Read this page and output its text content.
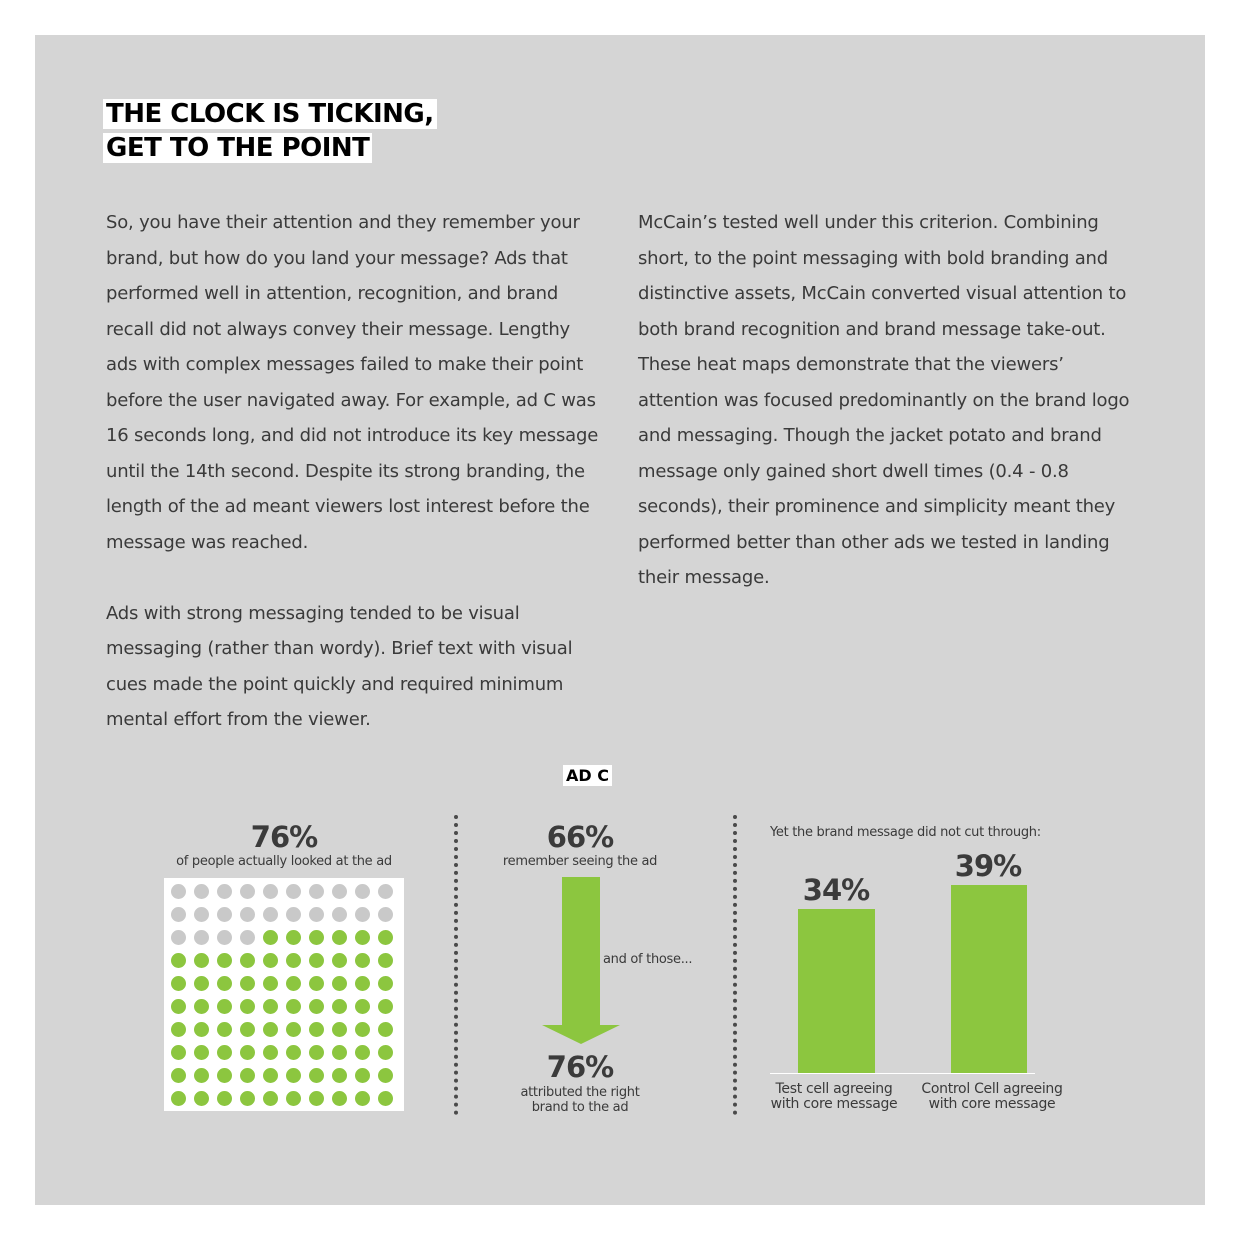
THE CLOCK IS TICKING,
GET TO THE POINT

So, you have their attention and they remember your brand, but how do you land your message? Ads that performed well in attention, recognition, and brand recall did not always convey their message. Lengthy ads with complex messages failed to make their point before the user navigated away. For example, ad C was 16 seconds long, and did not introduce its key message until the 14th second. Despite its strong branding, the length of the ad meant viewers lost interest before the message was reached.

Ads with strong messaging tended to be visual messaging (rather than wordy). Brief text with visual cues made the point quickly and required minimum mental effort from the viewer.

McCain’s tested well under this criterion. Combining short, to the point messaging with bold branding and distinctive assets, McCain converted visual attention to both brand recognition and brand message take-out. These heat maps demonstrate that the viewers’ attention was focused predominantly on the brand logo and messaging. Though the jacket potato and brand message only gained short dwell times (0.4 - 0.8 seconds), their prominence and simplicity meant they performed better than other ads we tested in landing their message.

AD C
76%
of people actually looked at the ad
66%
remember seeing the ad
and of those...
76%
attributed the right
brand to the ad
Yet the brand message did not cut through:
34%
39%
Test cell agreeing
with core message
Control Cell agreeing
with core message
